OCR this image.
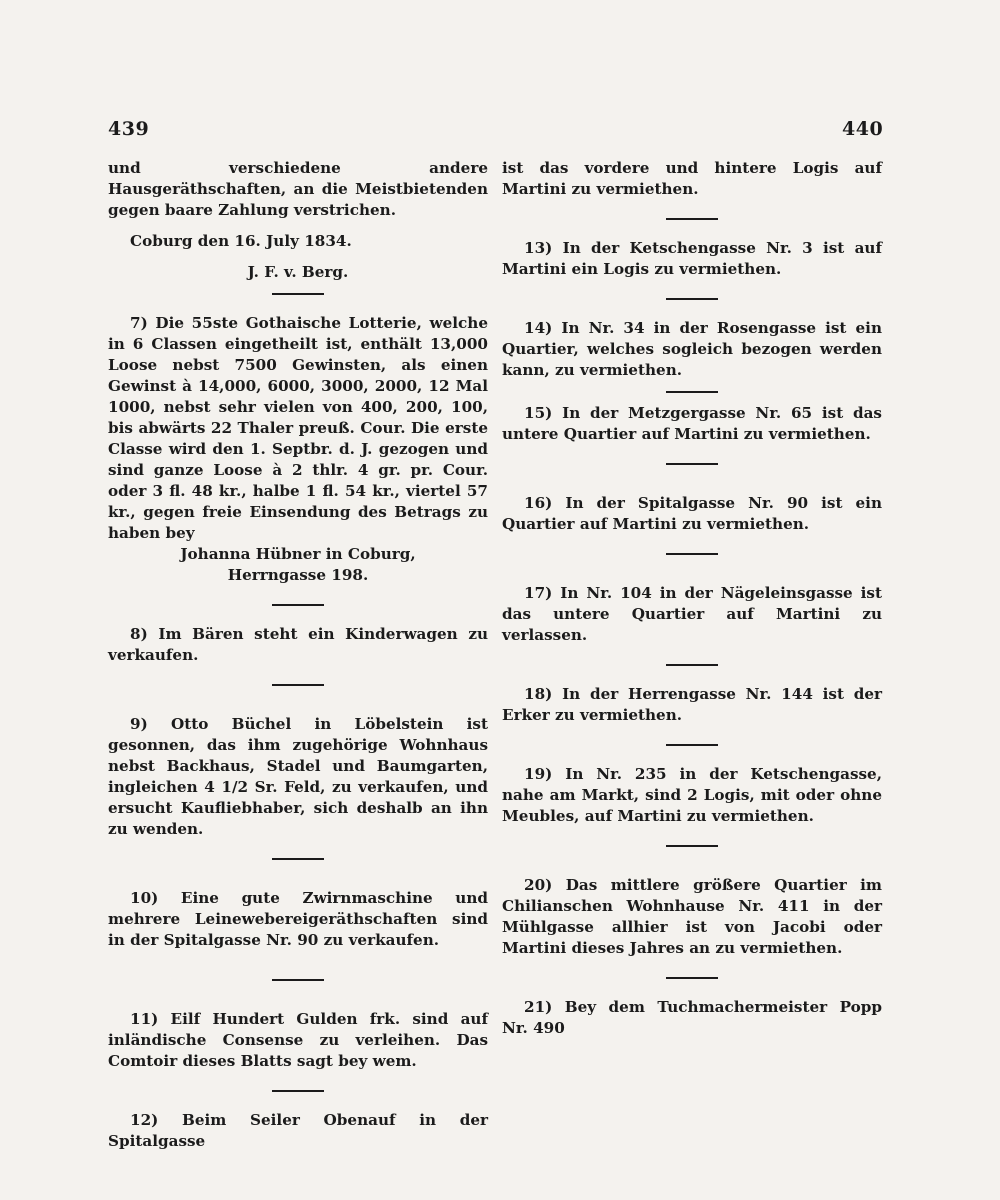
439	440

und verschiedene andere Hausgeräthschaften, an die Meistbietenden gegen baare Zahlung verstrichen.

Coburg den 16. July 1834.

J. F. v. Berg.

7) Die 55ste Gothaische Lotterie, welche in 6 Classen eingetheilt ist, enthält 13,000 Loose nebst 7500 Gewinsten, als einen Gewinst à 14,000, 6000, 3000, 2000, 12 Mal 1000, nebst sehr vielen von 400, 200, 100, bis abwärts 22 Thaler preuß. Cour. Die erste Classe wird den 1. Septbr. d. J. gezogen und sind ganze Loose à 2 thlr. 4 gr. pr. Cour. oder 3 fl. 48 kr., halbe 1 fl. 54 kr., viertel 57 kr., gegen freie Einsendung des Betrags zu haben bey

Johanna Hübner in Coburg,

Herrngasse 198.

8) Im Bären steht ein Kinderwagen zu verkaufen.

9) Otto Büchel in Löbelstein ist gesonnen, das ihm zugehörige Wohnhaus nebst Backhaus, Stadel und Baumgarten, ingleichen 4 1/2 Sr. Feld, zu verkaufen, und ersucht Kaufliebhaber, sich deshalb an ihn zu wenden.

10) Eine gute Zwirnmaschine und mehrere Leinewebereigeräthschaften sind in der Spitalgasse Nr. 90 zu verkaufen.

11) Eilf Hundert Gulden frk. sind auf inländische Consense zu verleihen. Das Comtoir dieses Blatts sagt bey wem.

12) Beim Seiler Obenauf in der Spitalgasse

ist das vordere und hintere Logis auf Martini zu vermiethen.

13) In der Ketschengasse Nr. 3 ist auf Martini ein Logis zu vermiethen.

14) In Nr. 34 in der Rosengasse ist ein Quartier, welches sogleich bezogen werden kann, zu vermiethen.

15) In der Metzgergasse Nr. 65 ist das untere Quartier auf Martini zu vermiethen.

16) In der Spitalgasse Nr. 90 ist ein Quartier auf Martini zu vermiethen.

17) In Nr. 104 in der Nägeleinsgasse ist das untere Quartier auf Martini zu verlassen.

18) In der Herrengasse Nr. 144 ist der Erker zu vermiethen.

19) In Nr. 235 in der Ketschengasse, nahe am Markt, sind 2 Logis, mit oder ohne Meubles, auf Martini zu vermiethen.

20) Das mittlere größere Quartier im Chilianschen Wohnhause Nr. 411 in der Mühlgasse allhier ist von Jacobi oder Martini dieses Jahres an zu vermiethen.

21) Bey dem Tuchmachermeister Popp Nr. 490
